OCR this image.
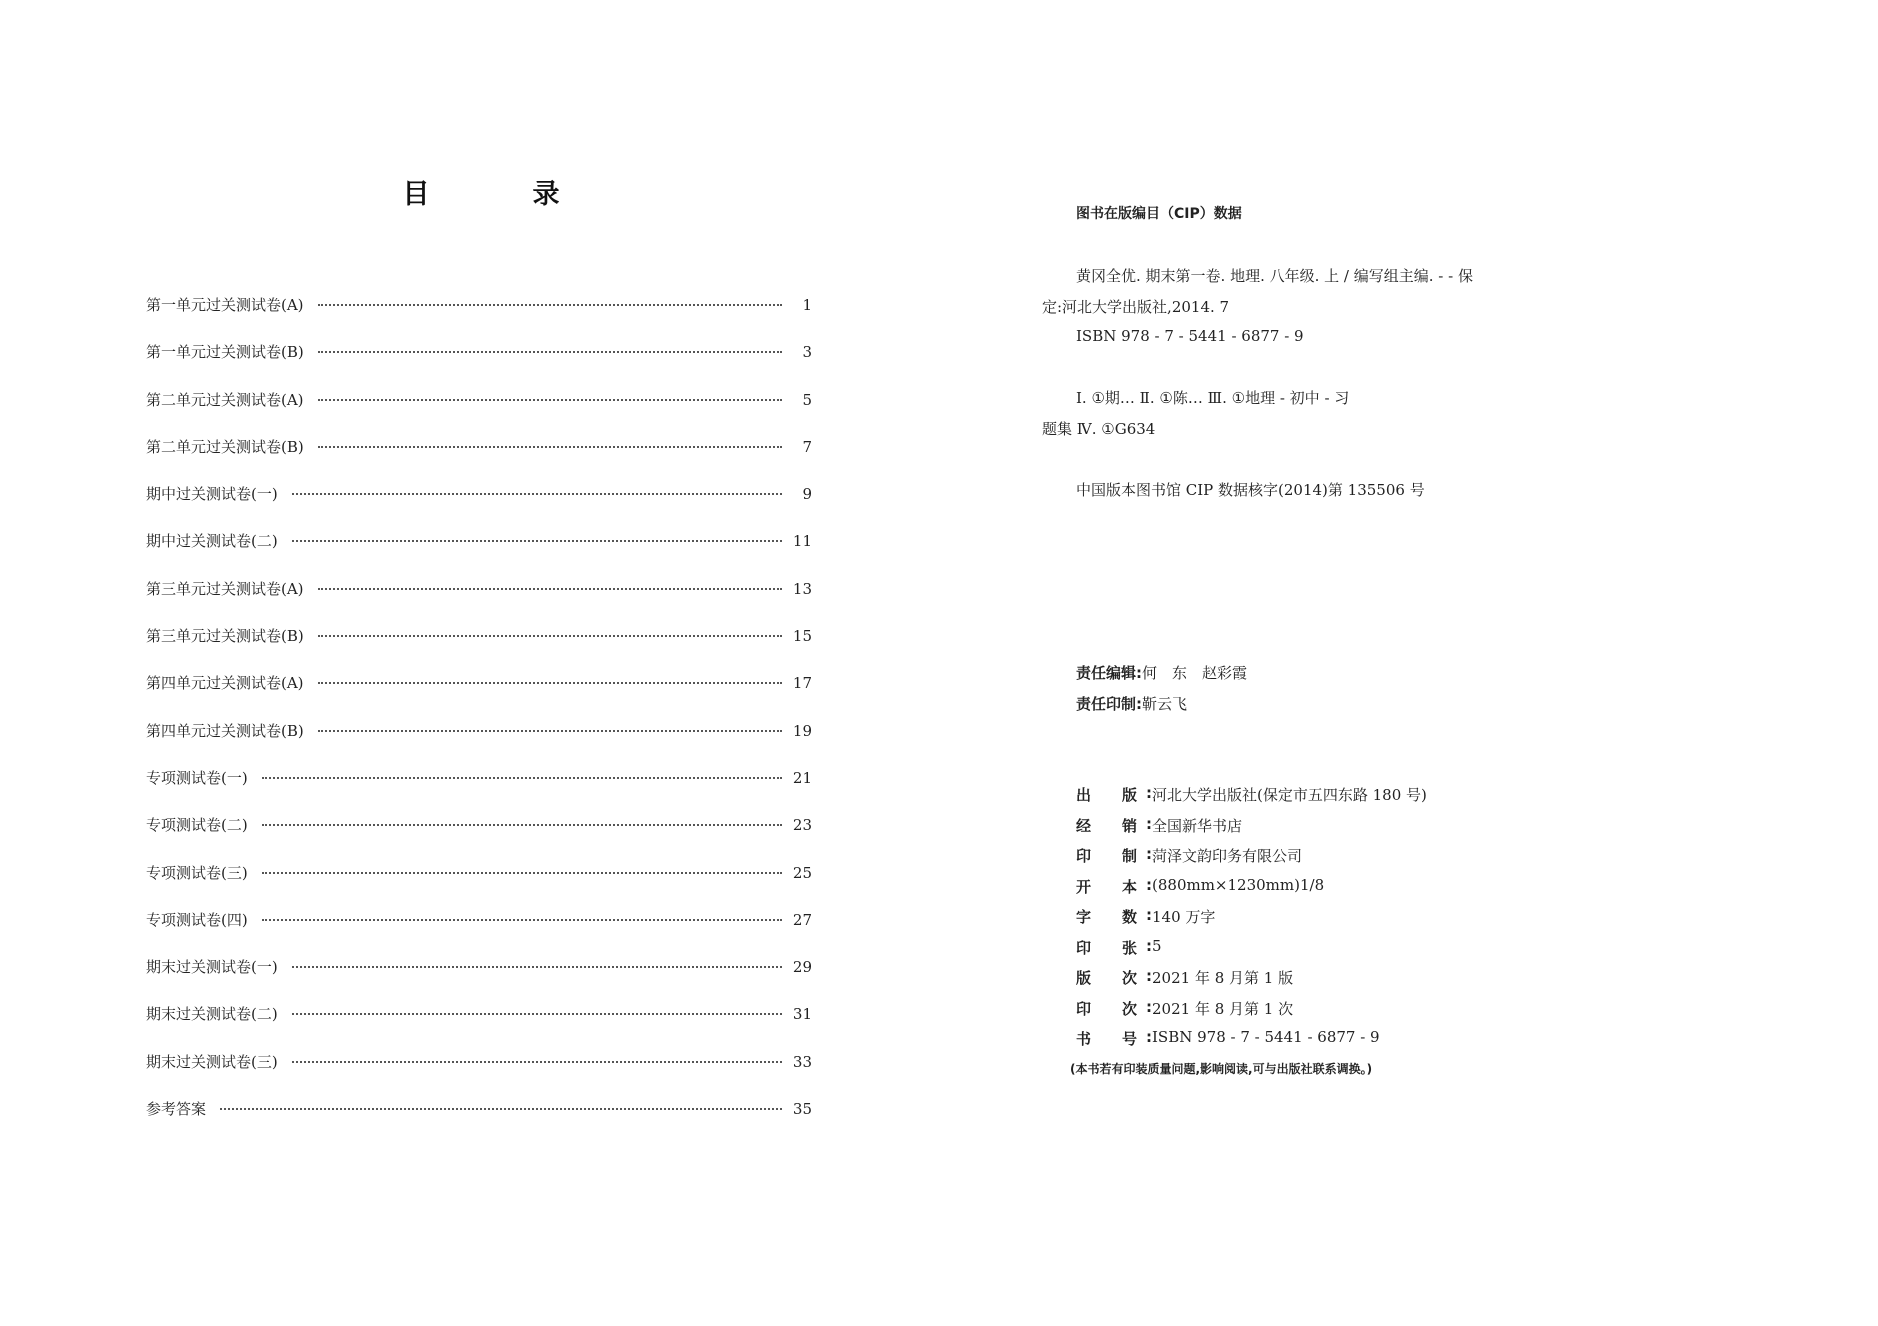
目　录
第一单元过关测试卷(A)	1
第一单元过关测试卷(B)	3
第二单元过关测试卷(A)	5
第二单元过关测试卷(B)	7
期中过关测试卷(一)	9
期中过关测试卷(二)	11
第三单元过关测试卷(A)	13
第三单元过关测试卷(B)	15
第四单元过关测试卷(A)	17
第四单元过关测试卷(B)	19
专项测试卷(一)	21
专项测试卷(二)	23
专项测试卷(三)	25
专项测试卷(四)	27
期末过关测试卷(一)	29
期末过关测试卷(二)	31
期末过关测试卷(三)	33
参考答案	35
图书在版编目（CIP）数据
黄冈全优. 期末第一卷. 地理. 八年级. 上 / 编写组主编. - - 保
定:河北大学出版社,2014. 7
ISBN 978 - 7 - 5441 - 6877 - 9
Ⅰ. ①期… Ⅱ. ①陈… Ⅲ. ①地理 - 初中 - 习
题集 Ⅳ. ①G634
中国版本图书馆 CIP 数据核字(2014)第 135506 号
责任编辑:何　东　赵彩霞
责任印制:靳云飞
出 版 : 河北大学出版社(保定市五四东路 180 号)
经 销 : 全国新华书店
印 制 : 菏泽文韵印务有限公司
开 本 : (880mm×1230mm)1/8
字 数 : 140 万字
印 张 : 5
版 次 : 2021 年 8 月第 1 版
印 次 : 2021 年 8 月第 1 次
书 号 : ISBN 978 - 7 - 5441 - 6877 - 9
(本书若有印装质量问题,影响阅读,可与出版社联系调换。)
